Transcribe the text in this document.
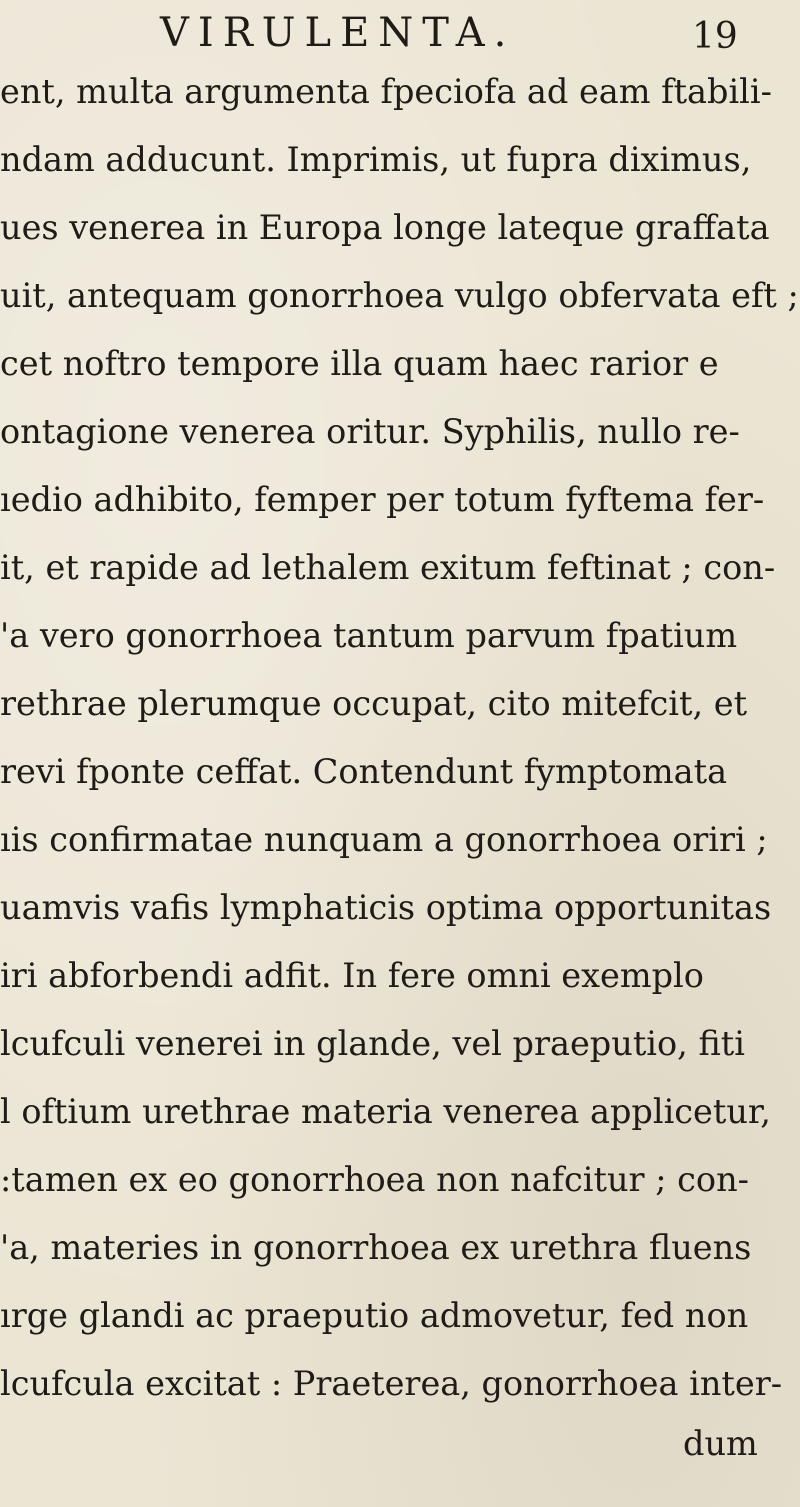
VIRULENTA.	19
ent, multa argumenta fpeciofa ad eam ftabili-
ndam adducunt. Imprimis, ut fupra diximus,
ues venerea in Europa longe lateque graffata
uit, antequam gonorrhoea vulgo obfervata eft ;
cet noftro tempore illa quam haec rarior e
ontagione venerea oritur. Syphilis, nullo re-
ıedio adhibito, femper per totum fyftema fer-
it, et rapide ad lethalem exitum feftinat ; con-
'a vero gonorrhoea tantum parvum fpatium
rethrae plerumque occupat, cito mitefcit, et
revi fponte ceffat. Contendunt fymptomata
ıis confirmatae nunquam a gonorrhoea oriri ;
uamvis vafis lymphaticis optima opportunitas
iri abforbendi adfit. In fere omni exemplo
lcufculi venerei in glande, vel praeputio, fiti
l oftium urethrae materia venerea applicetur,
:tamen ex eo gonorrhoea non nafcitur ; con-
'a, materies in gonorrhoea ex urethra fluens
ırge glandi ac praeputio admovetur, fed non
lcufcula excitat : Praeterea, gonorrhoea inter-
dum
